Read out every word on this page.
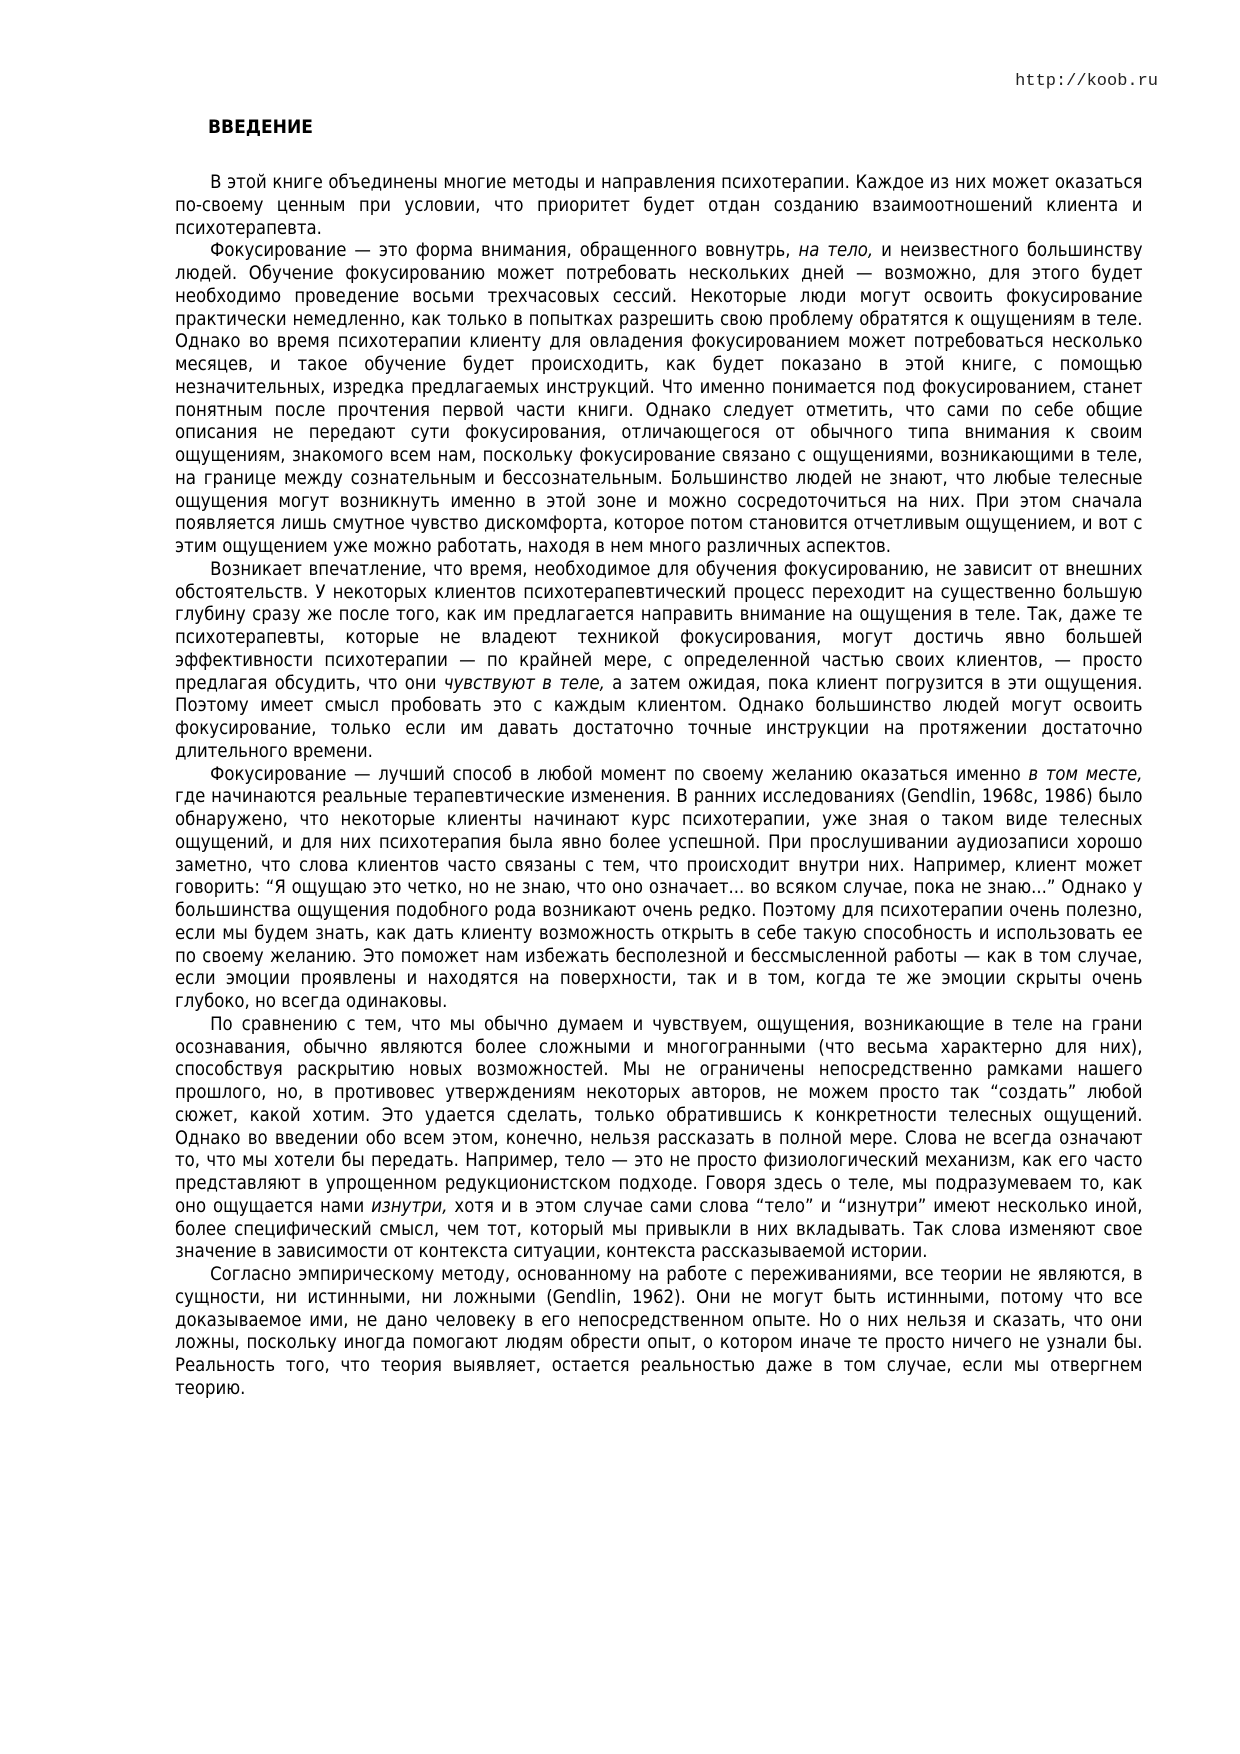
http://koob.ru
ВВЕДЕНИЕ

В этой книге объединены многие методы и направления психотерапии. Каждое из них может оказаться по-своему ценным при условии, что приоритет будет отдан созданию взаимоотношений клиента и психотерапевта.

Фокусирование — это форма внимания, обращенного вовнутрь, на тело, и неизвестного большинству людей. Обучение фокусированию может потребовать нескольких дней — возможно, для этого будет необходимо проведение восьми трехчасовых сессий. Некоторые люди могут освоить фокусирование практически немедленно, как только в попытках разрешить свою проблему обратятся к ощущениям в теле. Однако во время психотерапии клиенту для овладения фокусированием может потребоваться несколько месяцев, и такое обучение будет происходить, как будет показано в этой книге, с помощью незначительных, изредка предлагаемых инструкций. Что именно понимается под фокусированием, станет понятным после прочтения первой части книги. Однако следует отметить, что сами по себе общие описания не передают сути фокусирования, отличающегося от обычного типа внимания к своим ощущениям, знакомого всем нам, поскольку фокусирование связано с ощущениями, возникающими в теле, на границе между сознательным и бессознательным. Большинство людей не знают, что любые телесные ощущения могут возникнуть именно в этой зоне и можно сосредоточиться на них. При этом сначала появляется лишь смутное чувство дискомфорта, которое потом становится отчетливым ощущением, и вот с этим ощущением уже можно работать, находя в нем много различных аспектов.

Возникает впечатление, что время, необходимое для обучения фокусированию, не зависит от внешних обстоятельств. У некоторых клиентов психотерапевтический процесс переходит на существенно большую глубину сразу же после того, как им предлагается направить внимание на ощущения в теле. Так, даже те психотерапевты, которые не владеют техникой фокусирования, могут достичь явно большей эффективности психотерапии — по крайней мере, с определенной частью своих клиентов, — просто предлагая обсудить, что они чувствуют в теле, а затем ожидая, пока клиент погрузится в эти ощущения. Поэтому имеет смысл пробовать это с каждым клиентом. Однако большинство людей могут освоить фокусирование, только если им давать достаточно точные инструкции на протяжении достаточно длительного времени.

Фокусирование — лучший способ в любой момент по своему желанию оказаться именно в том месте, где начинаются реальные терапевтические изменения. В ранних исследованиях (Gendlin, 1968c, 1986) было обнаружено, что некоторые клиенты начинают курс психотерапии, уже зная о таком виде телесных ощущений, и для них психотерапия была явно более успешной. При прослушивании аудиозаписи хорошо заметно, что слова клиентов часто связаны с тем, что происходит внутри них. Например, клиент может говорить: “Я ощущаю это четко, но не знаю, что оно означает... во всяком случае, пока не знаю...” Однако у большинства ощущения подобного рода возникают очень редко. Поэтому для психотерапии очень полезно, если мы будем знать, как дать клиенту возможность открыть в себе такую способность и использовать ее по своему желанию. Это поможет нам избежать бесполезной и бессмысленной работы — как в том случае, если эмоции проявлены и находятся на поверхности, так и в том, когда те же эмоции скрыты очень глубоко, но всегда одинаковы.

По сравнению с тем, что мы обычно думаем и чувствуем, ощущения, возникающие в теле на грани осознавания, обычно являются более сложными и многогранными (что весьма характерно для них), способствуя раскрытию новых возможностей. Мы не ограничены непосредственно рамками нашего прошлого, но, в противовес утверждениям некоторых авторов, не можем просто так “создать” любой сюжет, какой хотим. Это удается сделать, только обратившись к конкретности телесных ощущений. Однако во введении обо всем этом, конечно, нельзя рассказать в полной мере. Слова не всегда означают то, что мы хотели бы передать. Например, тело — это не просто физиологический механизм, как его часто представляют в упрощенном редукционистском подходе. Говоря здесь о теле, мы подразумеваем то, как оно ощущается нами изнутри, хотя и в этом случае сами слова “тело” и “изнутри” имеют несколько иной, более специфический смысл, чем тот, который мы привыкли в них вкладывать. Так слова изменяют свое значение в зависимости от контекста ситуации, контекста рассказываемой истории.

Согласно эмпирическому методу, основанному на работе с переживаниями, все теории не являются, в сущности, ни истинными, ни ложными (Gendlin, 1962). Они не могут быть истинными, потому что все доказываемое ими, не дано человеку в его непосредственном опыте. Но о них нельзя и сказать, что они ложны, поскольку иногда помогают людям обрести опыт, о котором иначе те просто ничего не узнали бы. Реальность того, что теория выявляет, остается реальностью даже в том случае, если мы отвергнем теорию.
